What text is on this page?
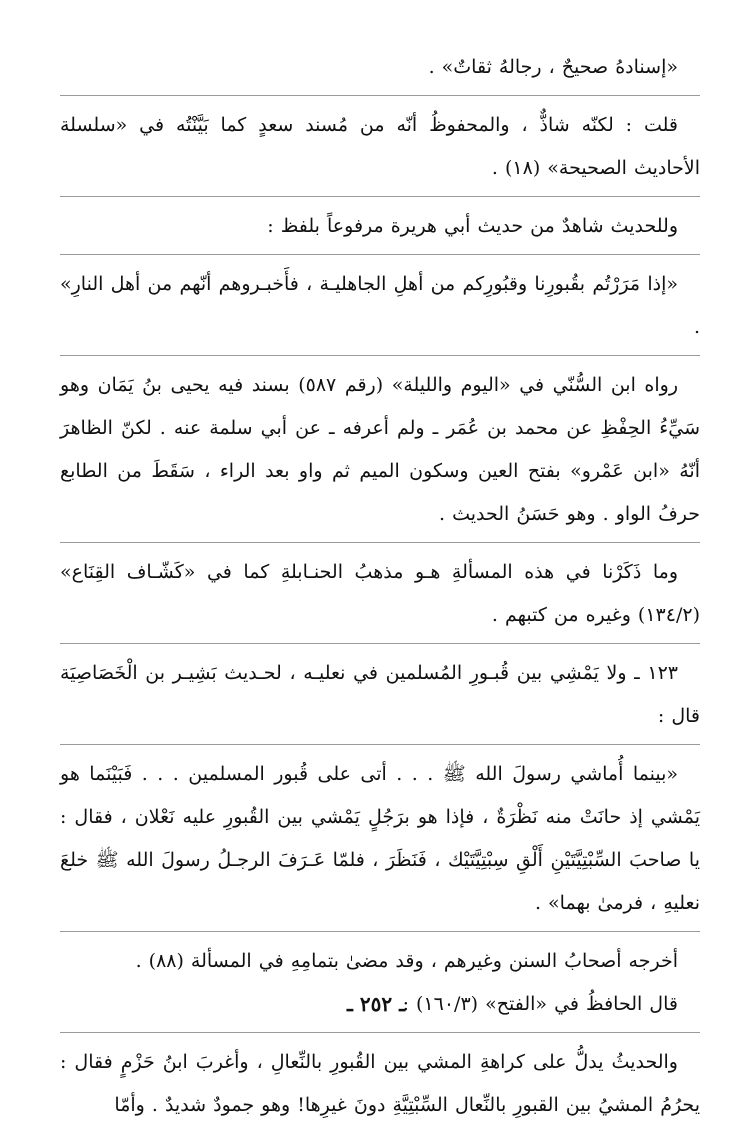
«إسنادهُ صحيحٌ ، رجالهُ ثقاتٌ» .

قلت : لكنّه شاذٌّ ، والمحفوظُ أنّه من مُسند سعدٍ كما بَيَّنْتُه في «سلسلة الأحاديث الصحيحة» (١٨) .

وللحديث شاهدٌ من حديث أبي هريرة مرفوعاً بلفظ :

«إذا مَرَرْتُم بقُبورِنا وقبُورِكم من أهلِ الجاهليـة ، فأَخبـروهم أنّهم من أهل النارِ» .

رواه ابن السُّنّي في «اليوم والليلة» (رقم ٥٨٧) بسند فيه يحيى بنُ يَمَان وهو سَيِّءُ الحِفْظِ عن محمد بن عُمَر ـ ولم أعرفه ـ عن أبي سلمة عنه . لكنّ الظاهرَ أنّهُ «ابن عَمْرو» بفتح العين وسكون الميم ثم واو بعد الراء ، سَقَطَ من الطابع حرفُ الواو . وهو حَسَنُ الحديث .

وما ذَكَرْنا في هذه المسألةِ هـو مذهبُ الحنـابلةِ كما في «كَشّـاف القِنَاع» (١٣٤/٢) وغيره من كتبهم .

١٢٣ ـ ولا يَمْشِي بين قُبـورِ المُسلمين في نعليـه ، لحـديث بَشِيـر بن الْخَصَاصِيَة قال :

«بينما أُماشي رسولَ الله ﷺ . . . أتى على قُبور المسلمين . . . فَبَيْنَما هو يَمْشي إذ حانَتْ منه نَظْرَةٌ ، فإذا هو برَجُلٍ يَمْشي بين القُبورِ عليه نَعْلان ، فقال : يا صاحبَ السِّبْتِيَّتَيْنِ أَلْقِ سِبْتِيَّتَيْك ، فَنَظَرَ ، فلمّا عَـرَفَ الرجـلُ رسولَ الله ﷺ خلعَ نعليهِ ، فرمىٰ بهما» .

أخرجه أصحابُ السنن وغيرهم ، وقد مضىٰ بتمامِهِ في المسألة (٨٨) .

قال الحافظُ في «الفتح» (١٦٠/٣) :

والحديثُ يدلُّ على كراهةِ المشي بين القُبورِ بالنِّعالِ ، وأغربَ ابنُ حَزْمٍ فقال : يحرُمُ المشيُ بين القبورِ بالنِّعال السِّبْتِيَّةِ دونَ غيرِها! وهو جمودٌ شديدٌ . وأمّا

ـ ٢٥٢ ـ
